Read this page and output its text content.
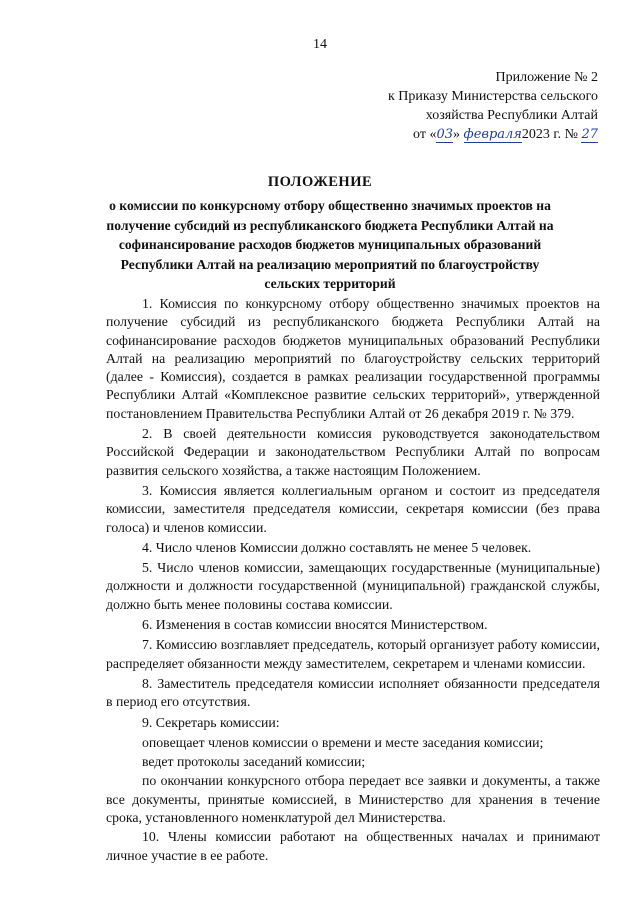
14
Приложение № 2
к Приказу Министерства сельского
хозяйства Республики Алтай
от «03» февраля2023 г. № 27
ПОЛОЖЕНИЕ
о комиссии по конкурсному отбору общественно значимых проектов на получение субсидий из республиканского бюджета Республики Алтай на софинансирование расходов бюджетов муниципальных образований Республики Алтай на реализацию мероприятий по благоустройству сельских территорий

1. Комиссия по конкурсному отбору общественно значимых проектов на получение субсидий из республиканского бюджета Республики Алтай на софинансирование расходов бюджетов муниципальных образований Республики Алтай на реализацию мероприятий по благоустройству сельских территорий (далее - Комиссия), создается в рамках реализации государственной программы Республики Алтай «Комплексное развитие сельских территорий», утвержденной постановлением Правительства Республики Алтай от 26 декабря 2019 г. № 379.

2. В своей деятельности комиссия руководствуется законодательством Российской Федерации и законодательством Республики Алтай по вопросам развития сельского хозяйства, а также настоящим Положением.

3. Комиссия является коллегиальным органом и состоит из председателя комиссии, заместителя председателя комиссии, секретаря комиссии (без права голоса) и членов комиссии.

4. Число членов Комиссии должно составлять не менее 5 человек.

5. Число членов комиссии, замещающих государственные (муниципальные) должности и должности государственной (муниципальной) гражданской службы, должно быть менее половины состава комиссии.

6. Изменения в состав комиссии вносятся Министерством.

7. Комиссию возглавляет председатель, который организует работу комиссии, распределяет обязанности между заместителем, секретарем и членами комиссии.

8. Заместитель председателя комиссии исполняет обязанности председателя в период его отсутствия.

9. Секретарь комиссии:

оповещает членов комиссии о времени и месте заседания комиссии;

ведет протоколы заседаний комиссии;

по окончании конкурсного отбора передает все заявки и документы, а также все документы, принятые комиссией, в Министерство для хранения в течение срока, установленного номенклатурой дел Министерства.

10. Члены комиссии работают на общественных началах и принимают личное участие в ее работе.
